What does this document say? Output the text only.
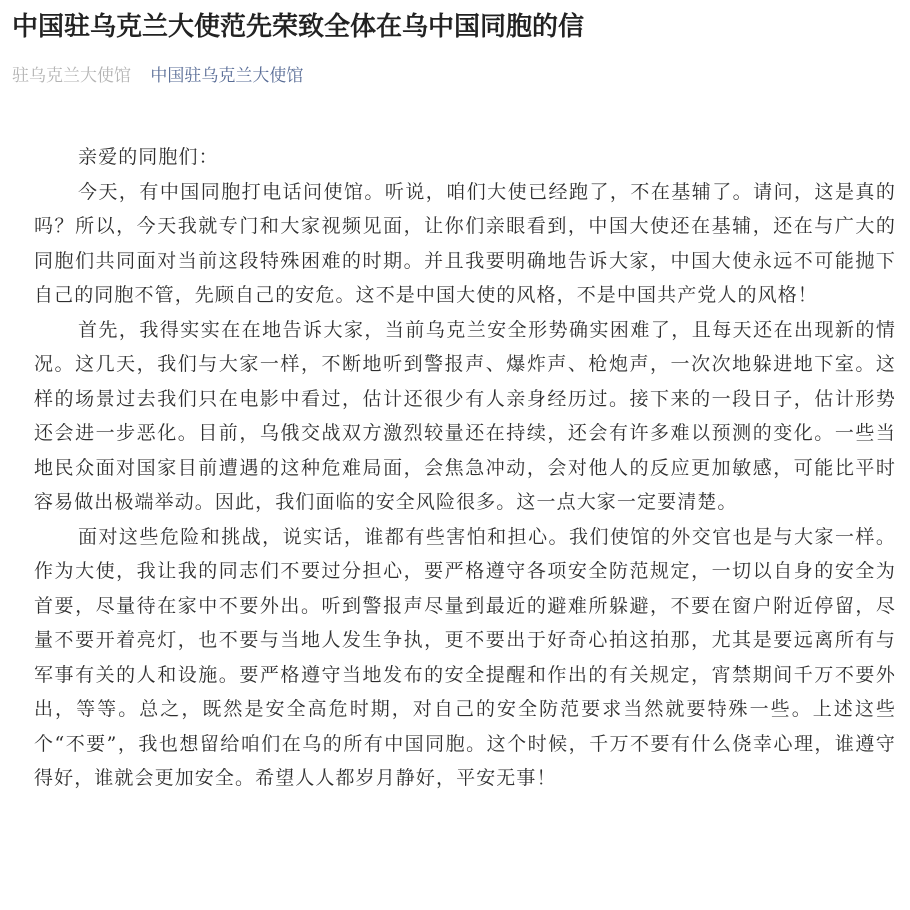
中国驻乌克兰大使范先荣致全体在乌中国同胞的信
驻乌克兰大使馆 中国驻乌克兰大使馆

亲爱的同胞们：

今天，有中国同胞打电话问使馆。听说，咱们大使已经跑了，不在基辅了。请问，这是真的吗？所以，今天我就专门和大家视频见面，让你们亲眼看到，中国大使还在基辅，还在与广大的同胞们共同面对当前这段特殊困难的时期。并且我要明确地告诉大家，中国大使永远不可能抛下自己的同胞不管，先顾自己的安危。这不是中国大使的风格，不是中国共产党人的风格！

首先，我得实实在在地告诉大家，当前乌克兰安全形势确实困难了，且每天还在出现新的情况。这几天，我们与大家一样，不断地听到警报声、爆炸声、枪炮声，一次次地躲进地下室。这样的场景过去我们只在电影中看过，估计还很少有人亲身经历过。接下来的一段日子，估计形势还会进一步恶化。目前，乌俄交战双方激烈较量还在持续，还会有许多难以预测的变化。一些当地民众面对国家目前遭遇的这种危难局面，会焦急冲动，会对他人的反应更加敏感，可能比平时容易做出极端举动。因此，我们面临的安全风险很多。这一点大家一定要清楚。

面对这些危险和挑战，说实话，谁都有些害怕和担心。我们使馆的外交官也是与大家一样。作为大使，我让我的同志们不要过分担心，要严格遵守各项安全防范规定，一切以自身的安全为首要，尽量待在家中不要外出。听到警报声尽量到最近的避难所躲避，不要在窗户附近停留，尽量不要开着亮灯，也不要与当地人发生争执，更不要出于好奇心拍这拍那，尤其是要远离所有与军事有关的人和设施。要严格遵守当地发布的安全提醒和作出的有关规定，宵禁期间千万不要外出，等等。总之，既然是安全高危时期，对自己的安全防范要求当然就要特殊一些。上述这些个“不要”，我也想留给咱们在乌的所有中国同胞。这个时候，千万不要有什么侥幸心理，谁遵守得好，谁就会更加安全。希望人人都岁月静好，平安无事！
